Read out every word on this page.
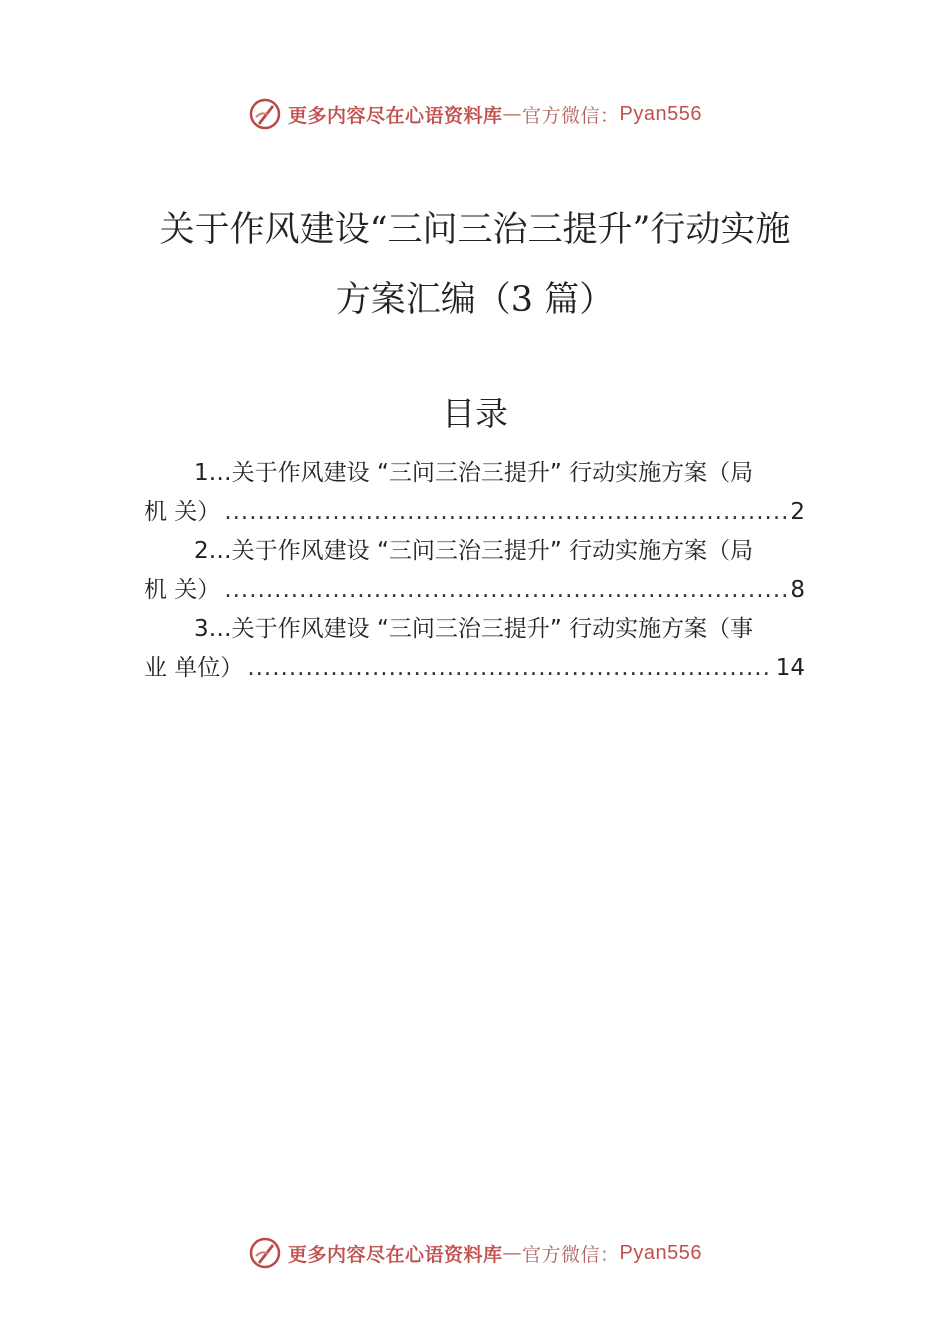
更多内容尽在心语资料库 — 官方微信： Pyan556
关于作风建设“三问三治三提升”行动实施
方案汇编（3 篇）
目录
1…关于作风建设 “三问三治三提升” 行动实施方案（局
机 关） .....	2
2…关于作风建设 “三问三治三提升” 行动实施方案（局
机 关） .....	8
3…关于作风建设 “三问三治三提升” 行动实施方案（事
业 单位） .....	14
更多内容尽在心语资料库 — 官方微信： Pyan556
